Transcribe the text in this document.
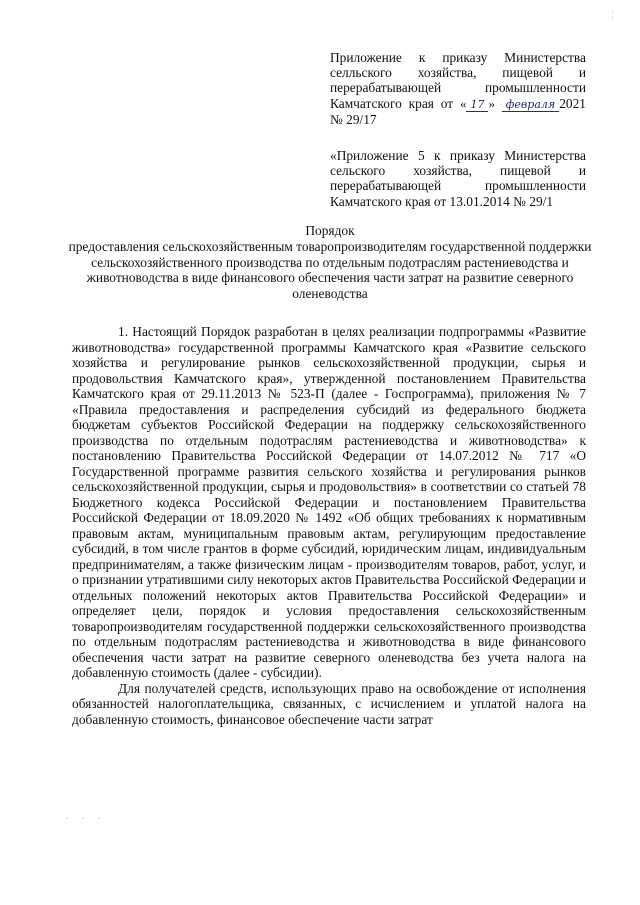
¦

Приложение к приказу Министерства селльского хозяйства, пищевой и перерабатывающей промышленности Камчатского края от « 17 » февраля 2021 № 29/17

«Приложение 5 к приказу Министерства сельского хозяйства, пищевой и перерабатывающей промышленности Камчатского края от 13.01.2014 № 29/1

Порядок
предоставления сельскохозяйственным товаропроизводителям государственной поддержки сельскохозяйственного производства по отдельным подотраслям растениеводства и животноводства в виде финансового обеспечения части затрат на развитие северного оленеводства

1. Настоящий Порядок разработан в целях реализации подпрограммы «Развитие животноводства» государственной программы Камчатского края «Развитие сельского хозяйства и регулирование рынков сельскохозяйственной продукции, сырья и продовольствия Камчатского края», утвержденной постановлением Правительства Камчатского края от 29.11.2013 № 523-П (далее - Госпрограмма), приложения № 7 «Правила предоставления и распределения субсидий из федерального бюджета бюджетам субъектов Российской Федерации на поддержку сельскохозяйственного производства по отдельным подотраслям растениеводства и животноводства» к постановлению Правительства Российской Федерации от 14.07.2012 № 717 «О Государственной программе развития сельского хозяйства и регулирования рынков сельскохозяйственной продукции, сырья и продовольствия» в соответствии со статьей 78 Бюджетного кодекса Российской Федерации и постановлением Правительства Российской Федерации от 18.09.2020 № 1492 «Об общих требованиях к нормативным правовым актам, муниципальным правовым актам, регулирующим предоставление субсидий, в том числе грантов в форме субсидий, юридическим лицам, индивидуальным предпринимателям, а также физическим лицам - производителям товаров, работ, услуг, и о признании утратившими силу некоторых актов Правительства Российской Федерации и отдельных положений некоторых актов Правительства Российской Федерации» и определяет цели, порядок и условия предоставления сельскохозяйственным товаропроизводителям государственной поддержки сельскохозяйственного производства по отдельным подотраслям растениеводства и животноводства в виде финансового обеспечения части затрат на развитие северного оленеводства без учета налога на добавленную стоимость (далее - субсидии).

Для получателей средств, использующих право на освобождение от исполнения обязанностей налогоплательщика, связанных, с исчислением и уплатой налога на добавленную стоимость, финансовое обеспечение части затрат

. . .
